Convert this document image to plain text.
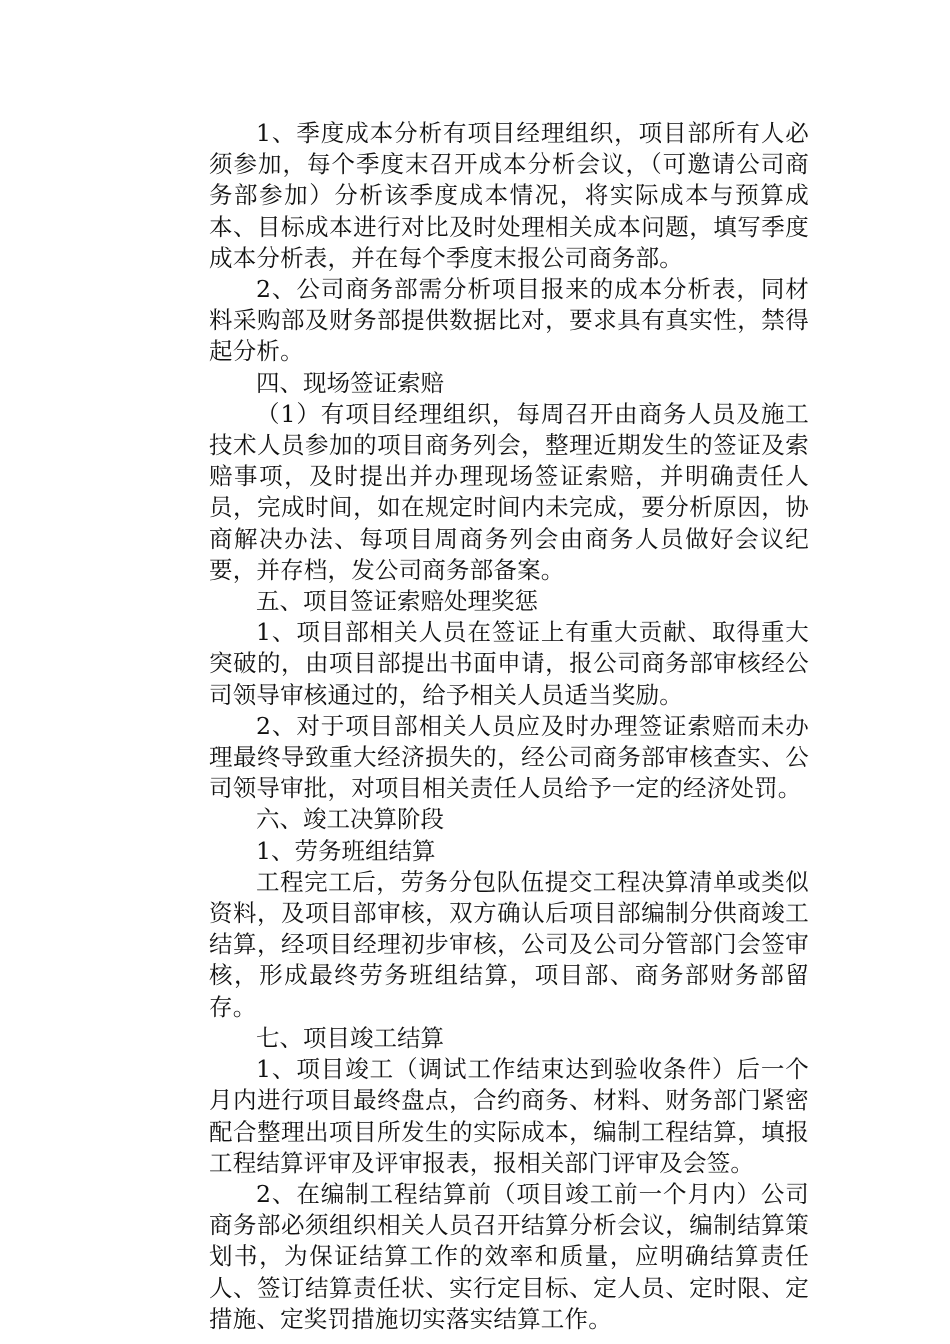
1、季度成本分析有项目经理组织，项目部所有人必须参加，每个季度末召开成本分析会议，（可邀请公司商务部参加）分析该季度成本情况，将实际成本与预算成本、目标成本进行对比及时处理相关成本问题，填写季度成本分析表，并在每个季度末报公司商务部。

2、公司商务部需分析项目报来的成本分析表，同材料采购部及财务部提供数据比对，要求具有真实性，禁得起分析。

四、现场签证索赔

（1）有项目经理组织，每周召开由商务人员及施工技术人员参加的项目商务列会，整理近期发生的签证及索赔事项，及时提出并办理现场签证索赔，并明确责任人员，完成时间，如在规定时间内未完成，要分析原因，协商解决办法、每项目周商务列会由商务人员做好会议纪要，并存档，发公司商务部备案。

五、项目签证索赔处理奖惩

1、项目部相关人员在签证上有重大贡献、取得重大突破的，由项目部提出书面申请，报公司商务部审核经公司领导审核通过的，给予相关人员适当奖励。

2、对于项目部相关人员应及时办理签证索赔而未办理最终导致重大经济损失的，经公司商务部审核查实、公司领导审批，对项目相关责任人员给予一定的经济处罚。

六、竣工决算阶段

1、劳务班组结算

工程完工后，劳务分包队伍提交工程决算清单或类似资料，及项目部审核，双方确认后项目部编制分供商竣工结算，经项目经理初步审核，公司及公司分管部门会签审核，形成最终劳务班组结算，项目部、商务部财务部留存。

七、项目竣工结算

1、项目竣工（调试工作结束达到验收条件）后一个月内进行项目最终盘点，合约商务、材料、财务部门紧密配合整理出项目所发生的实际成本，编制工程结算，填报工程结算评审及评审报表，报相关部门评审及会签。

2、在编制工程结算前（项目竣工前一个月内）公司商务部必须组织相关人员召开结算分析会议，编制结算策划书，为保证结算工作的效率和质量，应明确结算责任人、签订结算责任状、实行定目标、定人员、定时限、定措施、定奖罚措施切实落实结算工作。
